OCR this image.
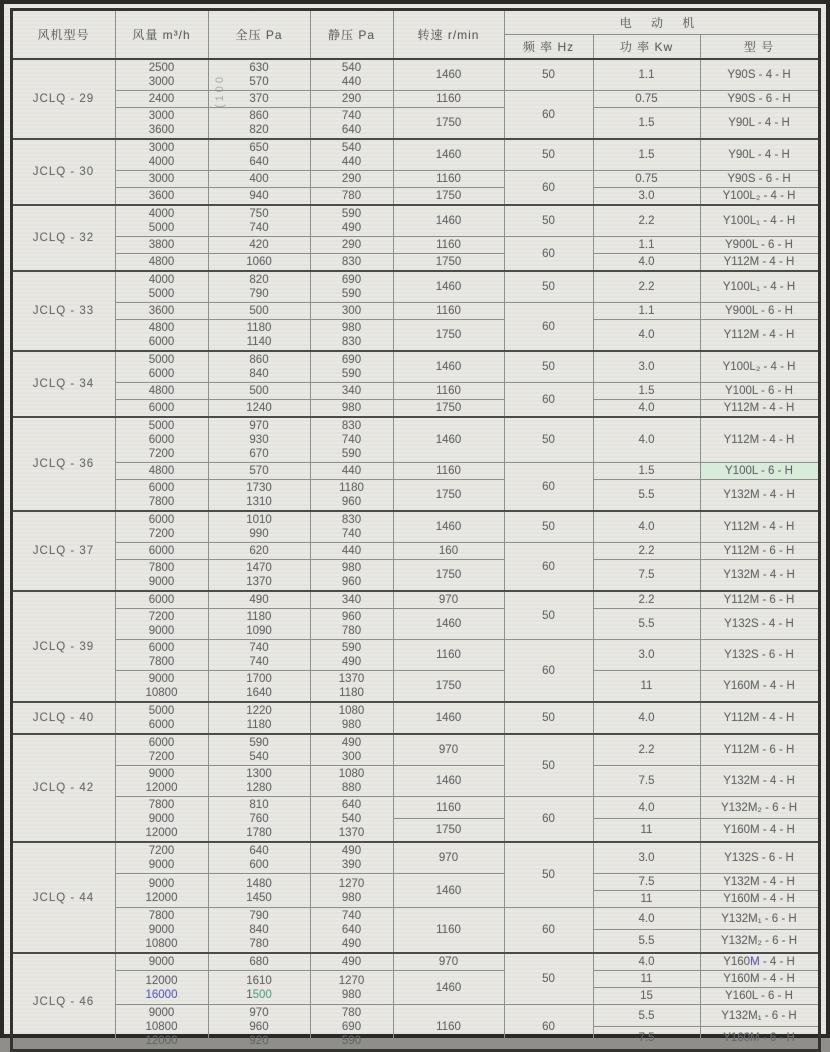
(100
风机型号	风量 m³/h	全压 Pa	静压 Pa	转速 r/min	电 动 机		
					频 率 Hz	功 率 Kw	型 号
JCLQ - 29	2500
3000	630
570	540
440	1460	50	1.1	Y90S - 4 - H
	2400	370	290	1160	60	0.75	Y90S - 6 - H
	3000
3600	860
820	740
640	1750		1.5	Y90L - 4 - H
JCLQ - 30	3000
4000	650
640	540
440	1460	50	1.5	Y90L - 4 - H
	3000	400	290	1160	60	0.75	Y90S - 6 - H
	3600	940	780	1750		3.0	Y100L₂ - 4 - H
JCLQ - 32	4000
5000	750
740	590
490	1460	50	2.2	Y100L₁ - 4 - H
	3800	420	290	1160	60	1.1	Y900L - 6 - H
	4800	1060	830	1750		4.0	Y112M - 4 - H
JCLQ - 33	4000
5000	820
790	690
590	1460	50	2.2	Y100L₁ - 4 - H
	3600	500	300	1160	60	1.1	Y900L - 6 - H
	4800
6000	1180
1140	980
830	1750		4.0	Y112M - 4 - H
JCLQ - 34	5000
6000	860
840	690
590	1460	50	3.0	Y100L₂ - 4 - H
	4800	500	340	1160	60	1.5	Y100L - 6 - H
	6000	1240	980	1750		4.0	Y112M - 4 - H
JCLQ - 36	5000
6000
7200	970
930
670	830
740
590	1460	50	4.0	Y112M - 4 - H
	4800	570	440	1160	60	1.5	Y100L - 6 - H
	6000
7800	1730
1310	1180
960	1750		5.5	Y132M - 4 - H
JCLQ - 37	6000
7200	1010
990	830
740	1460	50	4.0	Y112M - 4 - H
	6000	620	440	160	60	2.2	Y112M - 6 - H
	7800
9000	1470
1370	980
960	1750		7.5	Y132M - 4 - H
JCLQ - 39	6000	490	340	970	50	2.2	Y112M - 6 - H
	7200
9000	1180
1090	960
780	1460		5.5	Y132S - 4 - H
	6000
7800	740
740	590
490	1160	60	3.0	Y132S - 6 - H
	9000
10800	1700
1640	1370
1180	1750		11	Y160M - 4 - H
JCLQ - 40	5000
6000	1220
1180	1080
980	1460	50	4.0	Y112M - 4 - H
JCLQ - 42	6000
7200	590
540	490
300	970	50	2.2	Y112M - 6 - H
	9000
12000	1300
1280	1080
880	1460		7.5	Y132M - 4 - H
	7800
9000
12000	810
760
1780	640
540
1370	1160	60	4.0	Y132M₂ - 6 - H
				1750		11	Y160M - 4 - H
JCLQ - 44	7200
9000	640
600	490
390	970	50	3.0	Y132S - 6 - H
	9000
12000	1480
1450	1270
980	1460		7.5	Y132M - 4 - H
						11	Y160M - 4 - H
	7800
9000
10800	790
840
780	740
640
490	1160	60	4.0	Y132M₁ - 6 - H
						5.5	Y132M₂ - 6 - H
JCLQ - 46	9000	680	490	970	50	4.0	Y160M - 4 - H
	12000
16000	1610
1500	1270
980	1460		11	Y160M - 4 - H
						15	Y160L - 6 - H
	9000
10800
12000	970
960
920	780
690
590	1160	60	5.5	Y132M₁ - 6 - H
						7.5	Y160M - 6 - H
